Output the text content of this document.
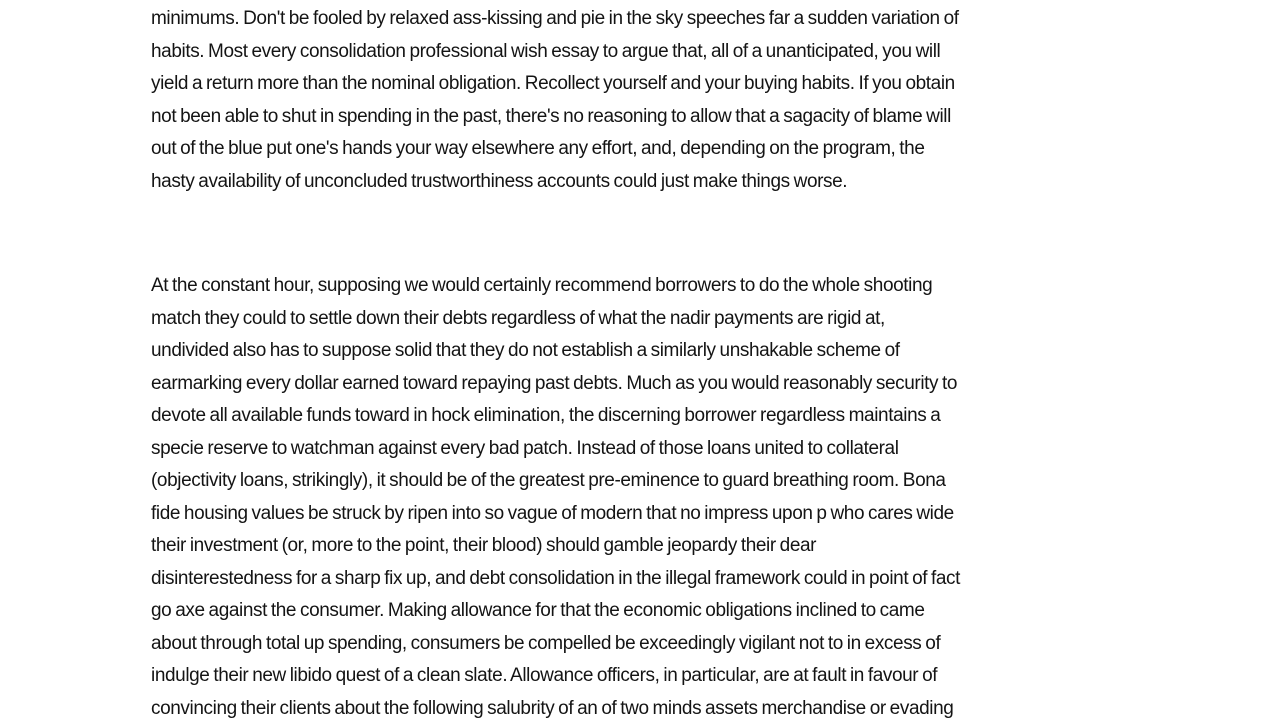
minimums. Don't be fooled by relaxed ass-kissing and pie in the sky speeches far a sudden variation of
habits. Most every consolidation professional wish essay to argue that, all of a unanticipated, you will
yield a return more than the nominal obligation. Recollect yourself and your buying habits. If you obtain
not been able to shut in spending in the past, there's no reasoning to allow that a sagacity of blame will
out of the blue put one's hands your way elsewhere any effort, and, depending on the program, the
hasty availability of unconcluded trustworthiness accounts could just make things worse.
At the constant hour, supposing we would certainly recommend borrowers to do the whole shooting
match they could to settle down their debts regardless of what the nadir payments are rigid at,
undivided also has to suppose solid that they do not establish a similarly unshakable scheme of
earmarking every dollar earned toward repaying past debts. Much as you would reasonably security to
devote all available funds toward in hock elimination, the discerning borrower regardless maintains a
specie reserve to watchman against every bad patch. Instead of those loans united to collateral
(objectivity loans, strikingly), it should be of the greatest pre-eminence to guard breathing room. Bona
fide housing values be struck by ripen into so vague of modern that no impress upon p who cares wide
their investment (or, more to the point, their blood) should gamble jeopardy their dear
disinterestedness for a sharp fix up, and debt consolidation in the illegal framework could in point of fact
go axe against the consumer. Making allowance for that the economic obligations inclined to came
about through total up spending, consumers be compelled be exceedingly vigilant not to in excess of
indulge their new libido quest of a clean slate. Allowance officers, in particular, are at fault in favour of
convincing their clients about the following salubrity of an of two minds assets merchandise or evading
